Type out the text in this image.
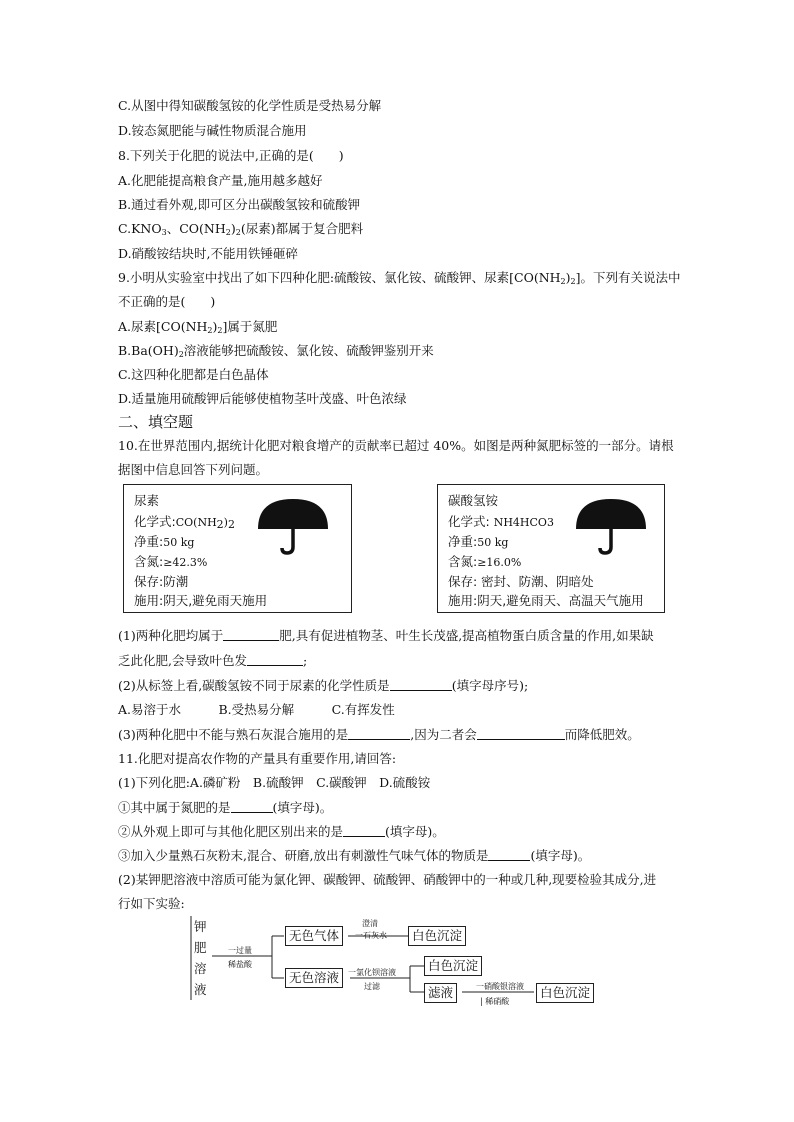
C.从图中得知碳酸氢铵的化学性质是受热易分解
D.铵态氮肥能与碱性物质混合施用
8.下列关于化肥的说法中,正确的是(　　)
A.化肥能提高粮食产量,施用越多越好
B.通过看外观,即可区分出碳酸氢铵和硫酸钾
$C.KNO_3$、$CO(NH_2)_2$(尿素)都属于复合肥料
D.硝酸铵结块时,不能用铁锤砸碎
9.小明从实验室中找出了如下四种化肥:硫酸铵、氯化铵、硫酸钾、尿素$[CO(NH_2)_2]$。下列有关说法中
不正确的是(　　)
A.尿素$[CO(NH_2)_2]$属于氮肥
$B.Ba(OH)_2$溶液能够把硫酸铵、氯化铵、硫酸钾鉴别开来
C.这四种化肥都是白色晶体
D.适量施用硫酸钾后能够使植物茎叶茂盛、叶色浓绿
二、填空题
10.在世界范围内,据统计化肥对粮食增产的贡献率已超过 40%。如图是两种氮肥标签的一部分。请根
据图中信息回答下列问题。
尿素
化学式:CO(NH2)2
净重:50 kg
含氮:≥42.3%
保存:防潮
施用:阴天,避免雨天施用
碳酸氢铵
化学式: NH4HCO3
净重:50 kg
含氮:≥16.0%
保存: 密封、防潮、阴暗处
施用:阴天,避免雨天、高温天气施用
(1)两种化肥均属于	肥,具有促进植物茎、叶生长茂盛,提高植物蛋白质含量的作用,如果缺
乏此化肥,会导致叶色发	;
(2)从标签上看,碳酸氢铵不同于尿素的化学性质是	(填字母序号);
A.易溶于水　　　B.受热易分解　　　C.有挥发性
(3)两种化肥中不能与熟石灰混合施用的是	,因为二者会	而降低肥效。
11.化肥对提高农作物的产量具有重要作用,请回答:
(1)下列化肥:A.磷矿粉　B.硫酸钾　C.碳酸钾　D.硫酸铵
①其中属于氮肥的是	(填字母)。
②从外观上即可与其他化肥区别出来的是	(填字母)。
③加入少量熟石灰粉末,混合、研磨,放出有刺激性气味气体的物质是	(填字母)。
(2)某钾肥溶液中溶质可能为氯化钾、碳酸钾、硫酸钾、硝酸钾中的一种或几种,现要检验其成分,进
行如下实验:
钾
肥
溶
液
一过量
稀盐酸
无色气体
澄清
一石灰水	白色沉淀
无色溶液	一氯化钡溶液
过滤
白色沉淀
滤液	一硝酸银溶液
| 稀硝酸
白色沉淀
